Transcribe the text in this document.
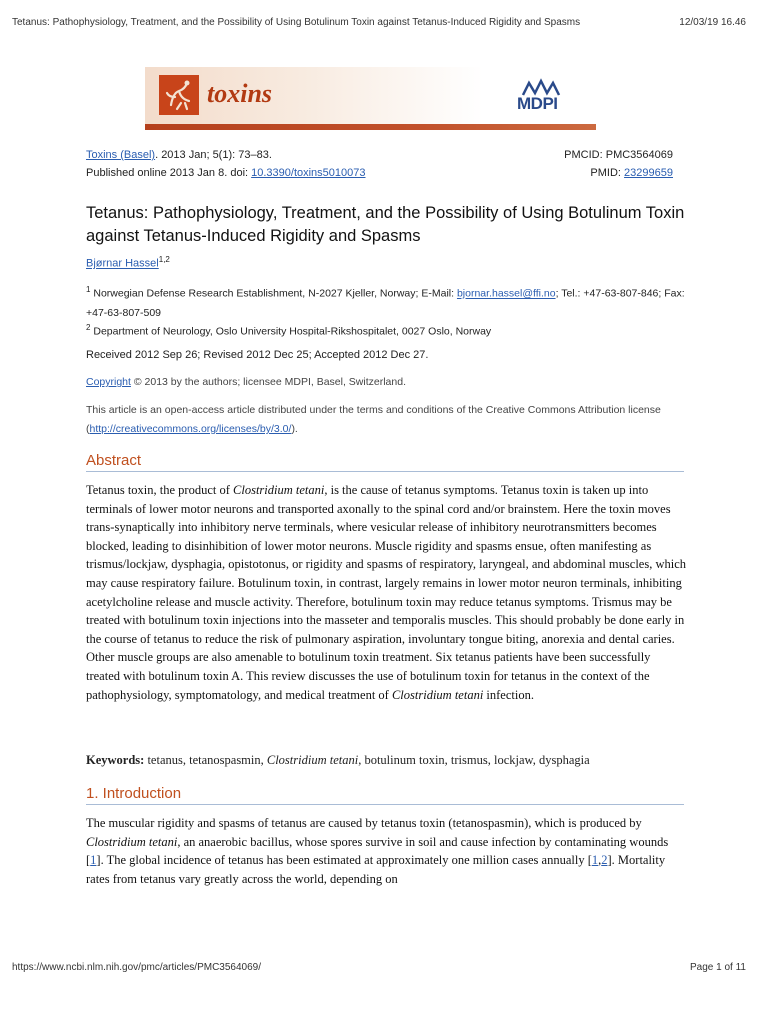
Tetanus: Pathophysiology, Treatment, and the Possibility of Using Botulinum Toxin against Tetanus-Induced Rigidity and Spasms	12/03/19 16.46
toxins	MDPI
Toxins (Basel). 2013 Jan; 5(1): 73–83.	PMCID: PMC3564069
Published online 2013 Jan 8. doi: 10.3390/toxins5010073	PMID: 23299659
Tetanus: Pathophysiology, Treatment, and the Possibility of Using Botulinum Toxin against Tetanus-Induced Rigidity and Spasms
Bjørnar Hassel$^{1,2}$
$^1$ Norwegian Defense Research Establishment, N-2027 Kjeller, Norway; E-Mail: bjornar.hassel@ffi.no; Tel.: +47-63-807-846; Fax: +47-63-807-509
$^2$ Department of Neurology, Oslo University Hospital-Rikshospitalet, 0027 Oslo, Norway
Received 2012 Sep 26; Revised 2012 Dec 25; Accepted 2012 Dec 27.
Copyright © 2013 by the authors; licensee MDPI, Basel, Switzerland.
This article is an open-access article distributed under the terms and conditions of the Creative Commons Attribution license (http://creativecommons.org/licenses/by/3.0/).
Abstract
Tetanus toxin, the product of Clostridium tetani, is the cause of tetanus symptoms. Tetanus toxin is taken up into terminals of lower motor neurons and transported axonally to the spinal cord and/or brainstem. Here the toxin moves trans-synaptically into inhibitory nerve terminals, where vesicular release of inhibitory neurotransmitters becomes blocked, leading to disinhibition of lower motor neurons. Muscle rigidity and spasms ensue, often manifesting as trismus/lockjaw, dysphagia, opistotonus, or rigidity and spasms of respiratory, laryngeal, and abdominal muscles, which may cause respiratory failure. Botulinum toxin, in contrast, largely remains in lower motor neuron terminals, inhibiting acetylcholine release and muscle activity. Therefore, botulinum toxin may reduce tetanus symptoms. Trismus may be treated with botulinum toxin injections into the masseter and temporalis muscles. This should probably be done early in the course of tetanus to reduce the risk of pulmonary aspiration, involuntary tongue biting, anorexia and dental caries. Other muscle groups are also amenable to botulinum toxin treatment. Six tetanus patients have been successfully treated with botulinum toxin A. This review discusses the use of botulinum toxin for tetanus in the context of the pathophysiology, symptomatology, and medical treatment of Clostridium tetani infection.
Keywords: tetanus, tetanospasmin, Clostridium tetani, botulinum toxin, trismus, lockjaw, dysphagia
1. Introduction
The muscular rigidity and spasms of tetanus are caused by tetanus toxin (tetanospasmin), which is produced by Clostridium tetani, an anaerobic bacillus, whose spores survive in soil and cause infection by contaminating wounds [1]. The global incidence of tetanus has been estimated at approximately one million cases annually [1,2]. Mortality rates from tetanus vary greatly across the world, depending on
https://www.ncbi.nlm.nih.gov/pmc/articles/PMC3564069/	Page 1 of 11
